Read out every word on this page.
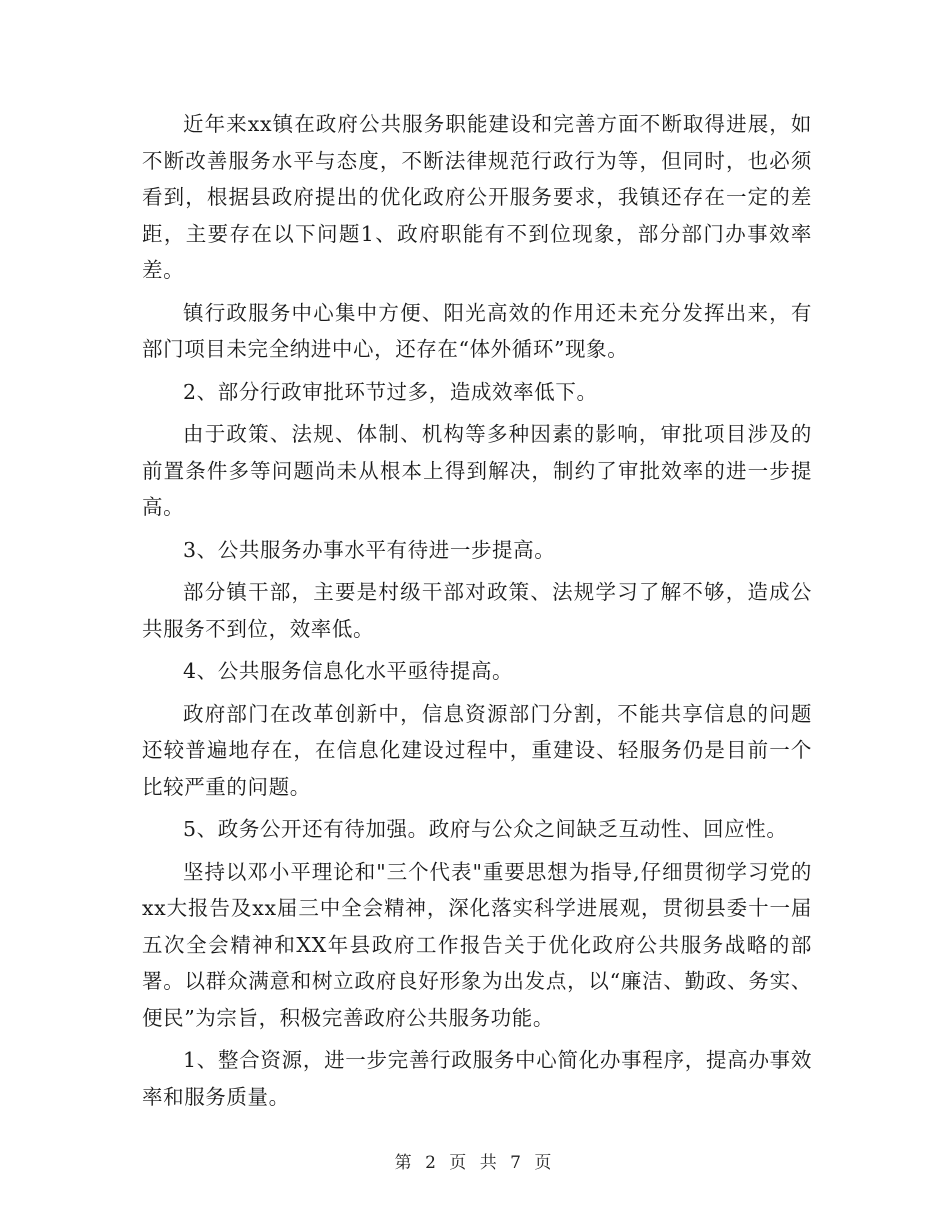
近年来xx镇在政府公共服务职能建设和完善方面不断取得进展，如不断改善服务水平与态度，不断法律规范行政行为等，但同时，也必须看到，根据县政府提出的优化政府公开服务要求，我镇还存在一定的差距，主要存在以下问题1、政府职能有不到位现象，部分部门办事效率差。

镇行政服务中心集中方便、阳光高效的作用还未充分发挥出来，有部门项目未完全纳进中心，还存在“体外循环”现象。

2、部分行政审批环节过多，造成效率低下。

由于政策、法规、体制、机构等多种因素的影响，审批项目涉及的前置条件多等问题尚未从根本上得到解决，制约了审批效率的进一步提高。

3、公共服务办事水平有待进一步提高。

部分镇干部，主要是村级干部对政策、法规学习了解不够，造成公共服务不到位，效率低。

4、公共服务信息化水平亟待提高。

政府部门在改革创新中，信息资源部门分割，不能共享信息的问题还较普遍地存在，在信息化建设过程中，重建设、轻服务仍是目前一个比较严重的问题。

5、政务公开还有待加强。政府与公众之间缺乏互动性、回应性。

坚持以邓小平理论和"三个代表"重要思想为指导,仔细贯彻学习党的xx大报告及xx届三中全会精神，深化落实科学进展观，贯彻县委十一届五次全会精神和XX年县政府工作报告关于优化政府公共服务战略的部署。以群众满意和树立政府良好形象为出发点，以“廉洁、勤政、务实、便民”为宗旨，积极完善政府公共服务功能。

1、整合资源，进一步完善行政服务中心简化办事程序，提高办事效率和服务质量。

第 2 页 共 7 页
